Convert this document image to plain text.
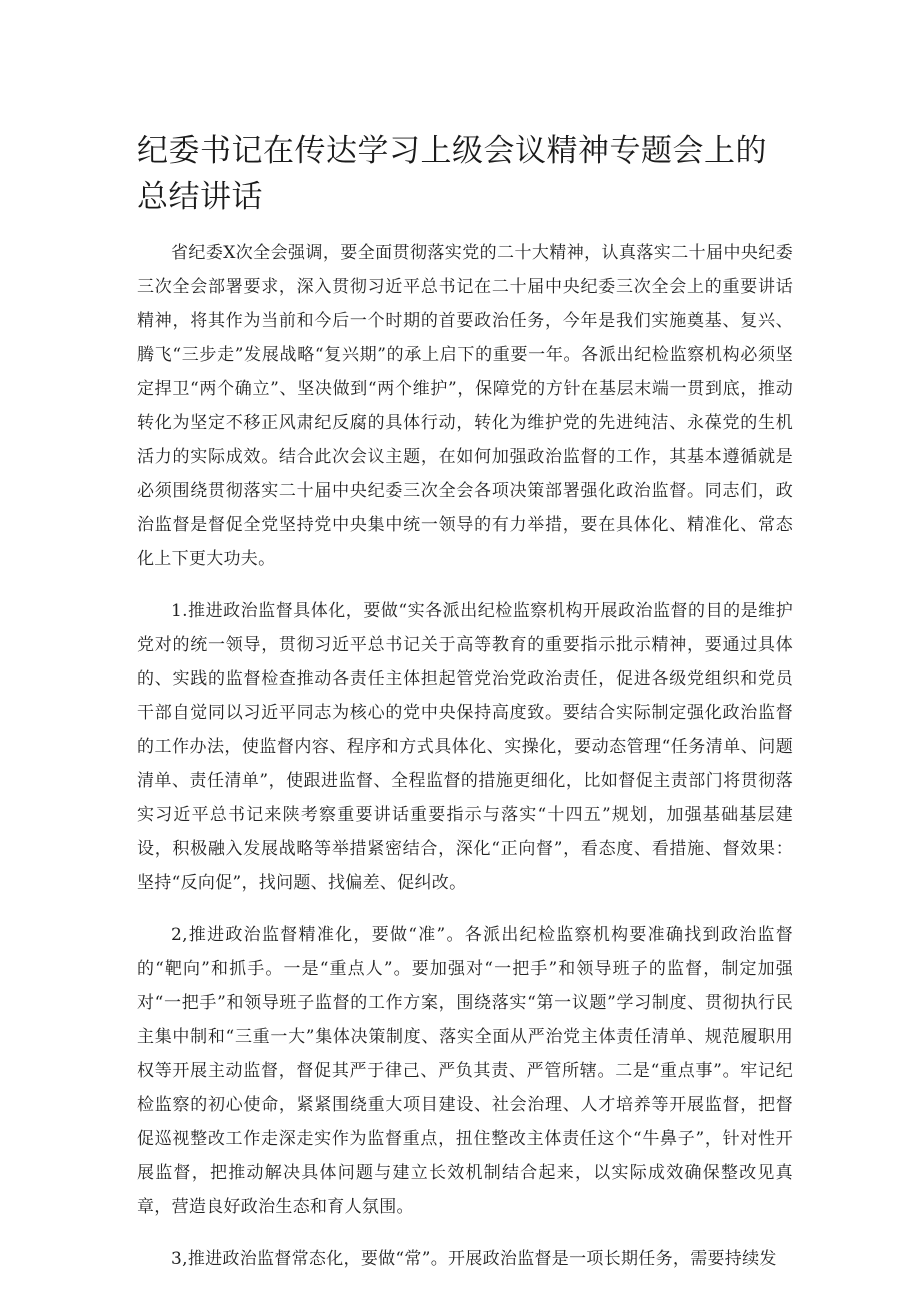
纪委书记在传达学习上级会议精神专题会上的总结讲话

省纪委X次全会强调，要全面贯彻落实党的二十大精神，认真落实二十届中央纪委三次全会部署要求，深入贯彻习近平总书记在二十届中央纪委三次全会上的重要讲话精神，将其作为当前和今后一个时期的首要政治任务，今年是我们实施奠基、复兴、腾飞“三步走”发展战略“复兴期”的承上启下的重要一年。各派出纪检监察机构必须坚定捍卫“两个确立”、坚决做到“两个维护”，保障党的方针在基层末端一贯到底，推动转化为坚定不移正风肃纪反腐的具体行动，转化为维护党的先进纯洁、永葆党的生机活力的实际成效。结合此次会议主题，在如何加强政治监督的工作，其基本遵循就是必须围绕贯彻落实二十届中央纪委三次全会各项决策部署强化政治监督。同志们，政治监督是督促全党坚持党中央集中统一领导的有力举措，要在具体化、精准化、常态化上下更大功夫。

1.推进政治监督具体化，要做“实各派出纪检监察机构开展政治监督的目的是维护党对的统一领导，贯彻习近平总书记关于高等教育的重要指示批示精神，要通过具体的、实践的监督检查推动各责任主体担起管党治党政治责任，促进各级党组织和党员干部自觉同以习近平同志为核心的党中央保持高度致。要结合实际制定强化政治监督的工作办法，使监督内容、程序和方式具体化、实操化，要动态管理“任务清单、问题清单、责任清单”，使跟进监督、全程监督的措施更细化，比如督促主责部门将贯彻落实习近平总书记来陕考察重要讲话重要指示与落实“十四五”规划，加强基础基层建设，积极融入发展战略等举措紧密结合，深化“正向督”，看态度、看措施、督效果：坚持“反向促”，找问题、找偏差、促纠改。

2,推进政治监督精准化，要做“准”。各派出纪检监察机构要准确找到政治监督的“靶向”和抓手。一是“重点人”。要加强对“一把手”和领导班子的监督，制定加强对“一把手”和领导班子监督的工作方案，围绕落实“第一议题”学习制度、贯彻执行民主集中制和“三重一大”集体决策制度、落实全面从严治党主体责任清单、规范履职用权等开展主动监督，督促其严于律己、严负其责、严管所辖。二是“重点事”。牢记纪检监察的初心使命，紧紧围绕重大项目建设、社会治理、人才培养等开展监督，把督促巡视整改工作走深走实作为监督重点，扭住整改主体责任这个“牛鼻子”，针对性开展监督，把推动解决具体问题与建立长效机制结合起来，以实际成效确保整改见真章，营造良好政治生态和育人氛围。

3,推进政治监督常态化，要做“常”。开展政治监督是一项长期任务，需要持续发
